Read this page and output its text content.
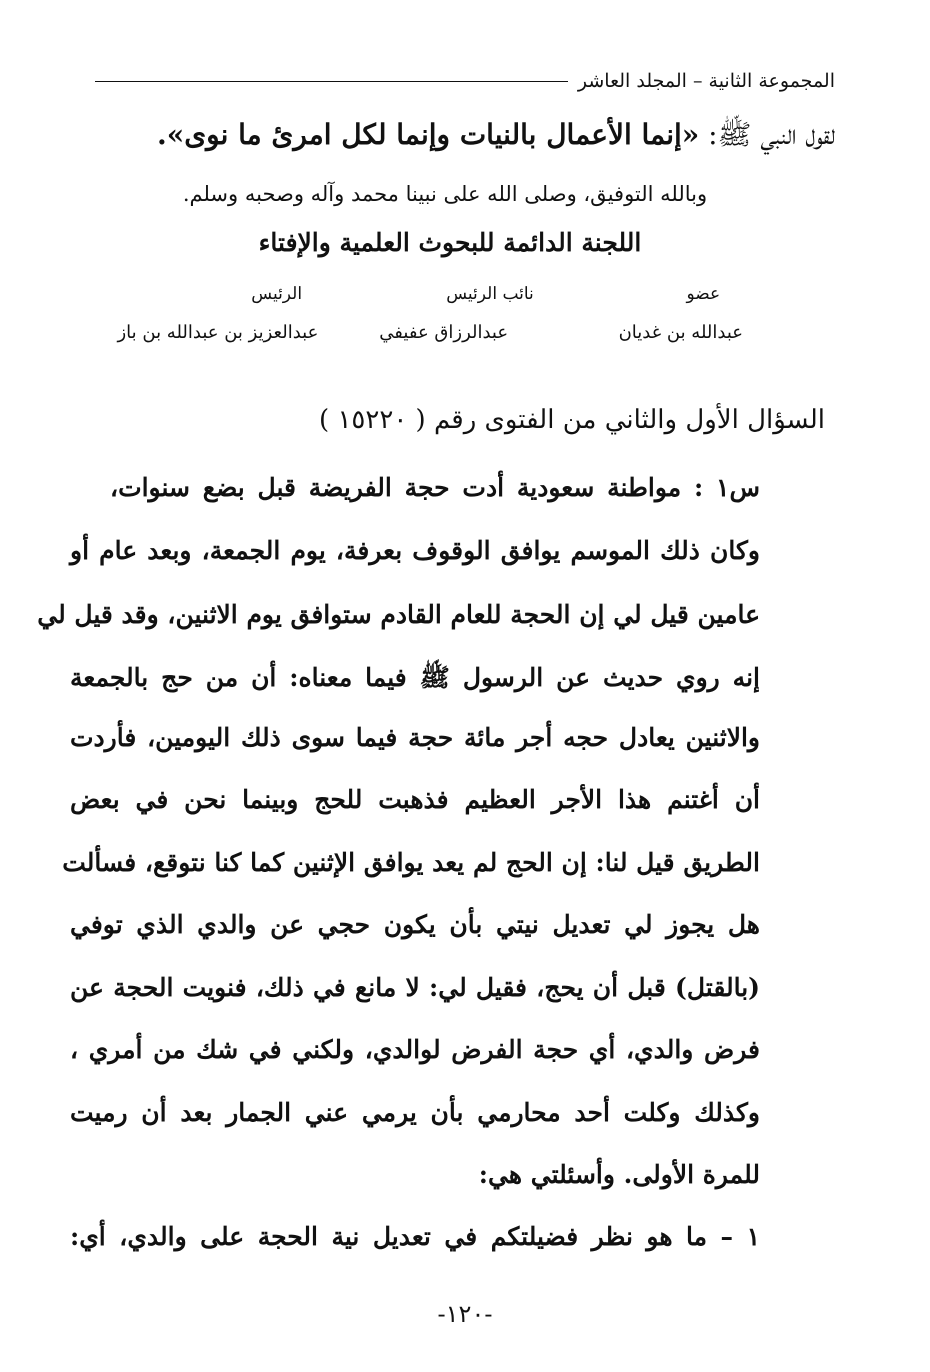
المجموعة الثانية – المجلد العاشر
لقول النبي ﷺ: «إنما الأعمال بالنيات وإنما لكل امرئ ما نوى».
وبالله التوفيق، وصلى الله على نبينا محمد وآله وصحبه وسلم.
اللجنة الدائمة للبحوث العلمية والإفتاء
عضو
نائب الرئيس
الرئيس
عبدالله بن غديان
عبدالرزاق عفيفي
عبدالعزيز بن عبدالله بن باز
السؤال الأول والثاني من الفتوى رقم ( ١٥٢٢٠ )
س١ : مواطنة سعودية أدت حجة الفريضة قبل بضع سنوات،
وكان ذلك الموسم يوافق الوقوف بعرفة، يوم الجمعة، وبعد عام أو
عامين قيل لي إن الحجة للعام القادم ستوافق يوم الاثنين، وقد قيل لي
إنه روي حديث عن الرسول ﷺ فيما معناه: أن من حج بالجمعة
والاثنين يعادل حجه أجر مائة حجة فيما سوى ذلك اليومين، فأردت
أن أغتنم هذا الأجر العظيم فذهبت للحج وبينما نحن في بعض
الطريق قيل لنا: إن الحج لم يعد يوافق الإثنين كما كنا نتوقع، فسألت
هل يجوز لي تعديل نيتي بأن يكون حجي عن والدي الذي توفي
(بالقتل) قبل أن يحج، فقيل لي: لا مانع في ذلك، فنويت الحجة عن
فرض والدي، أي حجة الفرض لوالدي، ولكني في شك من أمري ،
وكذلك وكلت أحد محارمي بأن يرمي عني الجمار بعد أن رميت
للمرة الأولى. وأسئلتي هي:
١ – ما هو نظر فضيلتكم في تعديل نية الحجة على والدي، أي:
-١٢٠-
